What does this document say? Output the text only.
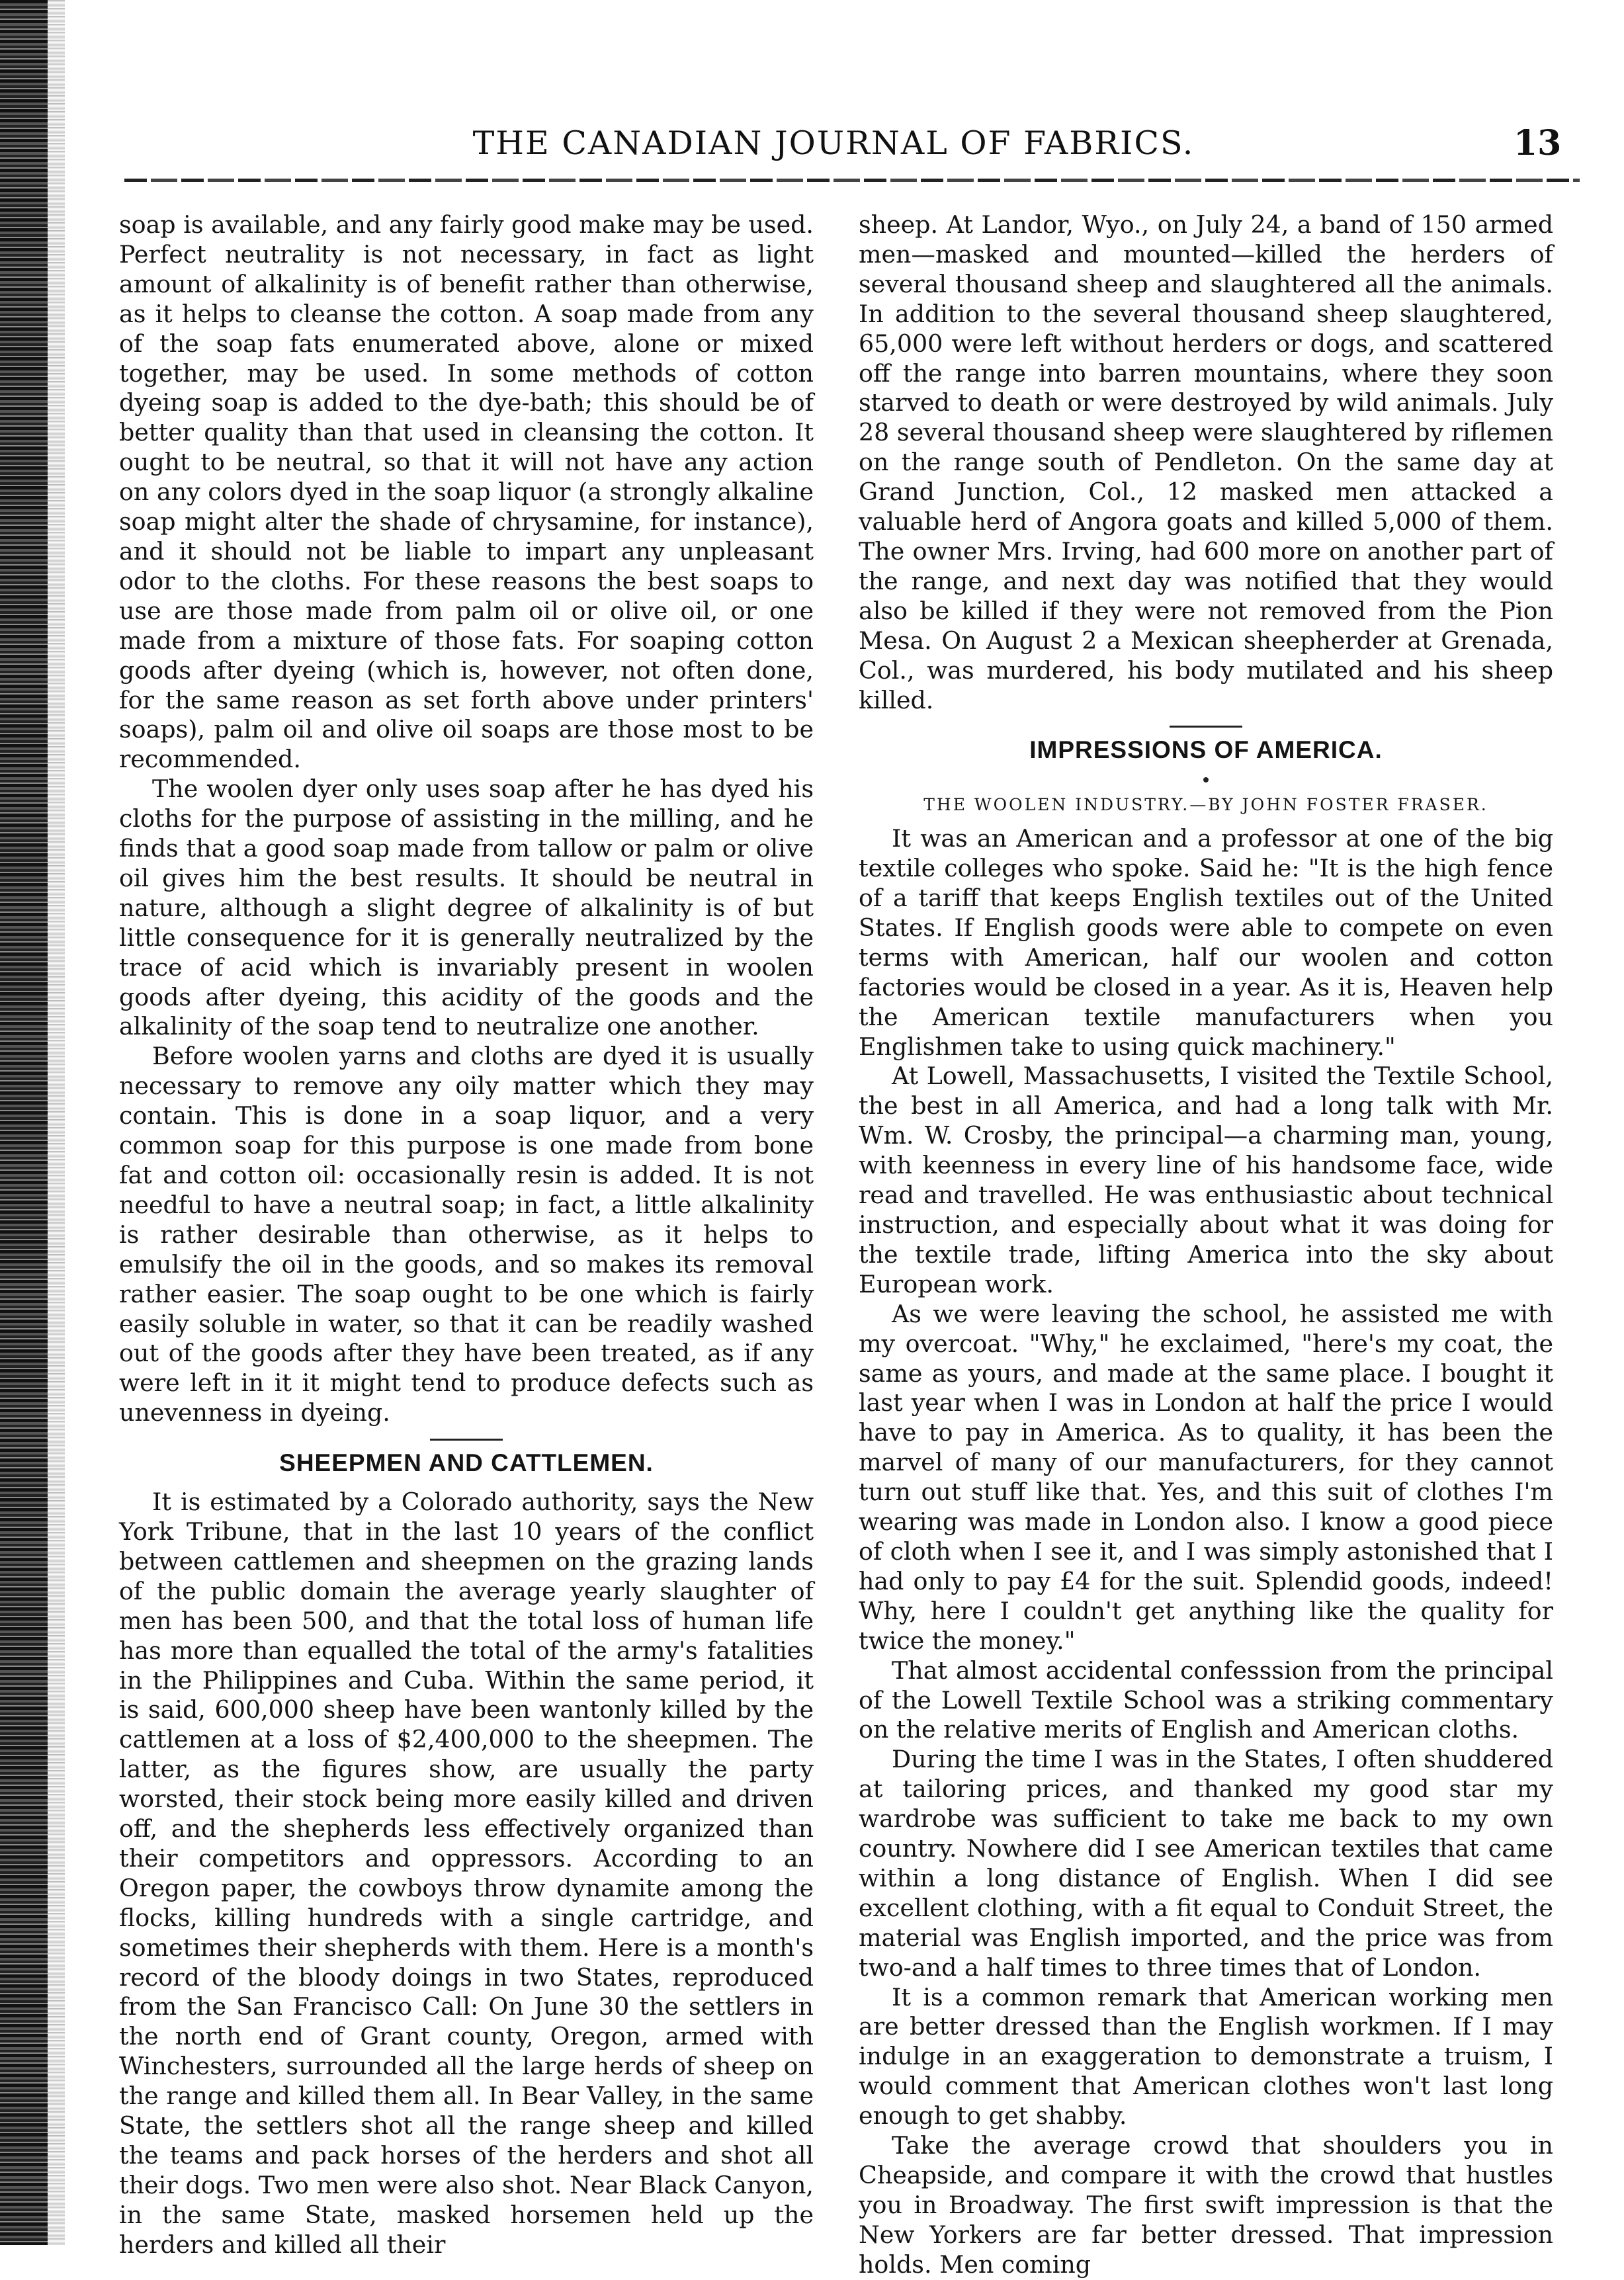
THE CANADIAN JOURNAL OF FABRICS.	13

soap is available, and any fairly good make may be used. Perfect neutrality is not necessary, in fact as light amount of alkalinity is of benefit rather than otherwise, as it helps to cleanse the cotton. A soap made from any of the soap fats enumerated above, alone or mixed together, may be used. In some methods of cotton dyeing soap is added to the dye-bath; this should be of better quality than that used in cleansing the cotton. It ought to be neutral, so that it will not have any action on any colors dyed in the soap liquor (a strongly alkaline soap might alter the shade of chrysamine, for instance), and it should not be liable to impart any unpleasant odor to the cloths. For these reasons the best soaps to use are those made from palm oil or olive oil, or one made from a mixture of those fats. For soaping cotton goods after dyeing (which is, however, not often done, for the same reason as set forth above under printers' soaps), palm oil and olive oil soaps are those most to be recommended.

The woolen dyer only uses soap after he has dyed his cloths for the purpose of assisting in the milling, and he finds that a good soap made from tallow or palm or olive oil gives him the best results. It should be neutral in nature, although a slight degree of alkalinity is of but little consequence for it is generally neutralized by the trace of acid which is invariably present in woolen goods after dyeing, this acidity of the goods and the alkalinity of the soap tend to neutralize one another.

Before woolen yarns and cloths are dyed it is usually necessary to remove any oily matter which they may contain. This is done in a soap liquor, and a very common soap for this purpose is one made from bone fat and cotton oil: occasionally resin is added. It is not needful to have a neutral soap; in fact, a little alkalinity is rather desirable than otherwise, as it helps to emulsify the oil in the goods, and so makes its removal rather easier. The soap ought to be one which is fairly easily soluble in water, so that it can be readily washed out of the goods after they have been treated, as if any were left in it it might tend to produce defects such as unevenness in dyeing.

SHEEPMEN AND CATTLEMEN.

It is estimated by a Colorado authority, says the New York Tribune, that in the last 10 years of the conflict between cattlemen and sheepmen on the grazing lands of the public domain the average yearly slaughter of men has been 500, and that the total loss of human life has more than equalled the total of the army's fatalities in the Philippines and Cuba. Within the same period, it is said, 600,000 sheep have been wantonly killed by the cattlemen at a loss of $2,400,000 to the sheepmen. The latter, as the figures show, are usually the party worsted, their stock being more easily killed and driven off, and the shepherds less effectively organized than their competitors and oppressors. According to an Oregon paper, the cowboys throw dynamite among the flocks, killing hundreds with a single cartridge, and sometimes their shepherds with them. Here is a month's record of the bloody doings in two States, reproduced from the San Francisco Call: On June 30 the settlers in the north end of Grant county, Oregon, armed with Winchesters, surrounded all the large herds of sheep on the range and killed them all. In Bear Valley, in the same State, the settlers shot all the range sheep and killed the teams and pack horses of the herders and shot all their dogs. Two men were also shot. Near Black Canyon, in the same State, masked horsemen held up the herders and killed all their

sheep. At Landor, Wyo., on July 24, a band of 150 armed men—masked and mounted—killed the herders of several thousand sheep and slaughtered all the animals. In addition to the several thousand sheep slaughtered, 65,000 were left without herders or dogs, and scattered off the range into barren mountains, where they soon starved to death or were destroyed by wild animals. July 28 several thousand sheep were slaughtered by riflemen on the range south of Pendleton. On the same day at Grand Junction, Col., 12 masked men attacked a valuable herd of Angora goats and killed 5,000 of them. The owner Mrs. Irving, had 600 more on another part of the range, and next day was notified that they would also be killed if they were not removed from the Pion Mesa. On August 2 a Mexican sheepherder at Grenada, Col., was murdered, his body mutilated and his sheep killed.

IMPRESSIONS OF AMERICA.
THE WOOLEN INDUSTRY.—BY JOHN FOSTER FRASER.

It was an American and a professor at one of the big textile colleges who spoke. Said he: "It is the high fence of a tariff that keeps English textiles out of the United States. If English goods were able to compete on even terms with American, half our woolen and cotton factories would be closed in a year. As it is, Heaven help the American textile manufacturers when you Englishmen take to using quick machinery."

At Lowell, Massachusetts, I visited the Textile School, the best in all America, and had a long talk with Mr. Wm. W. Crosby, the principal—a charming man, young, with keenness in every line of his handsome face, wide read and travelled. He was enthusiastic about technical instruction, and especially about what it was doing for the textile trade, lifting America into the sky about European work.

As we were leaving the school, he assisted me with my overcoat. "Why," he exclaimed, "here's my coat, the same as yours, and made at the same place. I bought it last year when I was in London at half the price I would have to pay in America. As to quality, it has been the marvel of many of our manufacturers, for they cannot turn out stuff like that. Yes, and this suit of clothes I'm wearing was made in London also. I know a good piece of cloth when I see it, and I was simply astonished that I had only to pay £4 for the suit. Splendid goods, indeed! Why, here I couldn't get anything like the quality for twice the money."

That almost accidental confesssion from the principal of the Lowell Textile School was a striking commentary on the relative merits of English and American cloths.

During the time I was in the States, I often shuddered at tailoring prices, and thanked my good star my wardrobe was sufficient to take me back to my own country. Nowhere did I see American textiles that came within a long distance of English. When I did see excellent clothing, with a fit equal to Conduit Street, the material was English imported, and the price was from two-and a half times to three times that of London.

It is a common remark that American working men are better dressed than the English workmen. If I may indulge in an exaggeration to demonstrate a truism, I would comment that American clothes won't last long enough to get shabby.

Take the average crowd that shoulders you in Cheapside, and compare it with the crowd that hustles you in Broadway. The first swift impression is that the New Yorkers are far better dressed. That impression holds. Men coming
